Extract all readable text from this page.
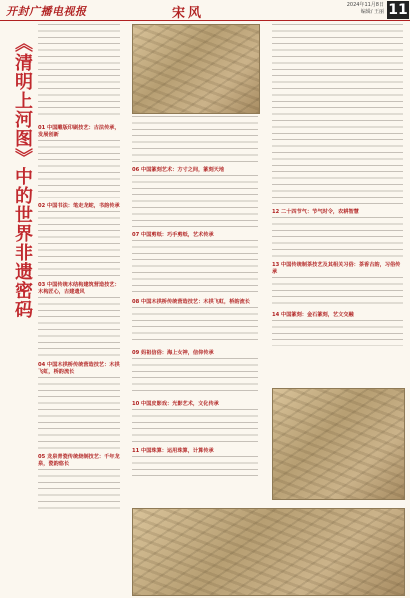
开封广播电视报	宋风
2024年11月8日
编辑/ 王丽 11
《清明上河图》中的世界非遗密码 01 中国雕版印刷技艺：古法传承，发展创新
02 中国书法：笔走龙蛇，书韵传承
03 中国传统木结构建筑营造技艺：木构匠心，古建遗风
04 中国木拱桥传统营造技艺：木拱飞虹，桥韵流长
05 龙泉青瓷传统烧制技艺：千年龙泉，瓷韵悠长
06 中国篆刻艺术：方寸之间，篆刻天地
07 中国剪纸：巧手剪纸，艺术传承
08 中国木拱桥传统营造技艺：木拱飞虹，桥韵流长
09 妈祖信俗：海上女神，信仰传承
10 中国皮影戏：光影艺术，文化传承
11 中国珠算：运用珠算，计算传承
12 二十四节气：节气时令，农耕智慧
13 中国传统制茶技艺及其相关习俗：茶香古韵，习俗传承
14 中国篆刻：金石篆刻，艺文交融
